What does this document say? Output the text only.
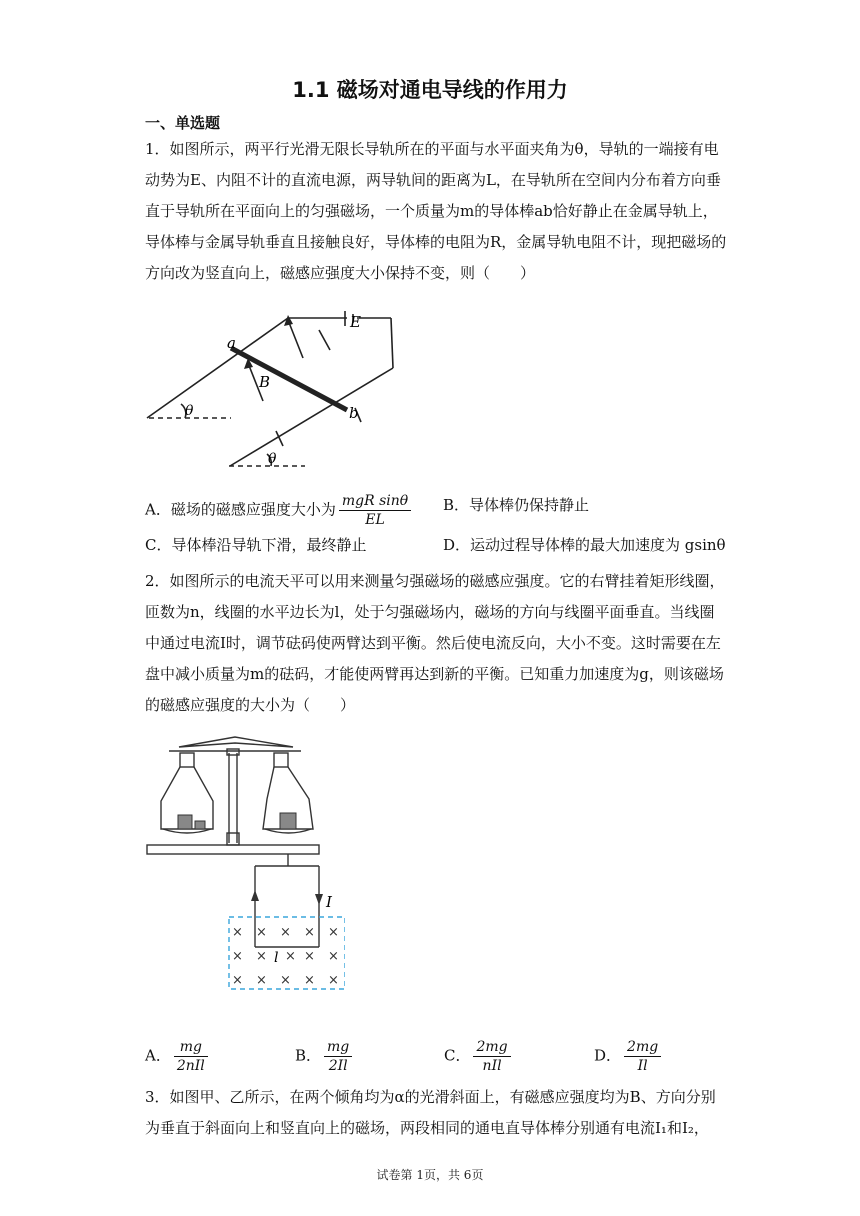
1.1 磁场对通电导线的作用力
一、单选题

1．如图所示，两平行光滑无限长导轨所在的平面与水平面夹角为θ，导轨的一端接有电动势为E、内阻不计的直流电源，两导轨间的距离为L，在导轨所在空间内分布着方向垂直于导轨所在平面向上的匀强磁场，一个质量为m的导体棒ab恰好静止在金属导轨上，导体棒与金属导轨垂直且接触良好，导体棒的电阻为R，金属导轨电阻不计，现把磁场的方向改为竖直向上，磁感应强度大小保持不变，则（　　）

a
b
B
E
θ
θ
A．磁场的磁感应强度大小为 $\frac{\text{mgR sinθ}}{EL}$ B．导体棒仍保持静止
C．导体棒沿导轨下滑，最终静止	D．运动过程导体棒的最大加速度为 gsinθ

2．如图所示的电流天平可以用来测量匀强磁场的磁感应强度。它的右臂挂着矩形线圈，匝数为n，线圈的水平边长为l，处于匀强磁场内，磁场的方向与线圈平面垂直。当线圈中通过电流I时，调节砝码使两臂达到平衡。然后使电流反向，大小不变。这时需要在左盘中减小质量为m的砝码，才能使两臂再达到新的平衡。已知重力加速度为g，则该磁场的磁感应强度的大小为（　　）

I
l
× × × × ×
× × × × ×
× × × × ×
A． $\frac{mg}{\text{2nIl}}$	B． $\frac{mg}{2Il}$	C． $\frac{2mg}{\text{nIl}}$	D． $\frac{2mg}{Il}$

3．如图甲、乙所示，在两个倾角均为α的光滑斜面上，有磁感应强度均为B、方向分别为垂直于斜面向上和竖直向上的磁场，两段相同的通电直导体棒分别通有电流I₁和I₂，

试卷第 1页，共 6页
